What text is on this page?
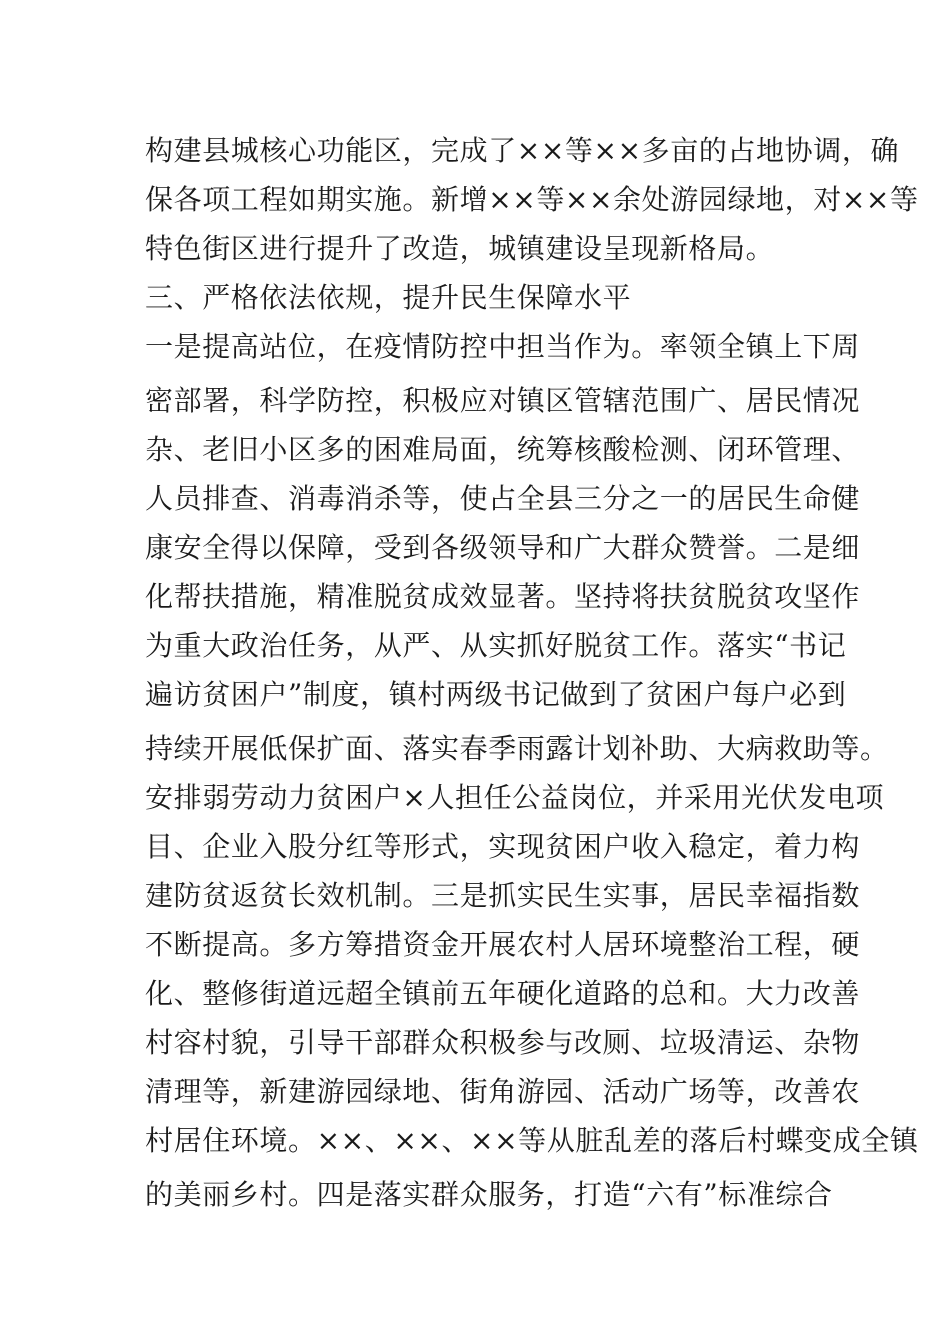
构建县城核心功能区，完成了××等××多亩的占地协调，确
保各项工程如期实施。新增××等××余处游园绿地，对××等
特色街区进行提升了改造，城镇建设呈现新格局。
三、严格依法依规，提升民生保障水平
一是提高站位，在疫情防控中担当作为。率领全镇上下周
密部署，科学防控，积极应对镇区管辖范围广、居民情况
杂、老旧小区多的困难局面，统筹核酸检测、闭环管理、
人员排查、消毒消杀等，使占全县三分之一的居民生命健
康安全得以保障，受到各级领导和广大群众赞誉。二是细
化帮扶措施，精准脱贫成效显著。坚持将扶贫脱贫攻坚作
为重大政治任务，从严、从实抓好脱贫工作。落实“书记
遍访贫困户”制度，镇村两级书记做到了贫困户每户必到
持续开展低保扩面、落实春季雨露计划补助、大病救助等。
安排弱劳动力贫困户×人担任公益岗位，并采用光伏发电项
目、企业入股分红等形式，实现贫困户收入稳定，着力构
建防贫返贫长效机制。三是抓实民生实事，居民幸福指数
不断提高。多方筹措资金开展农村人居环境整治工程，硬
化、整修街道远超全镇前五年硬化道路的总和。大力改善
村容村貌，引导干部群众积极参与改厕、垃圾清运、杂物
清理等，新建游园绿地、街角游园、活动广场等，改善农
村居住环境。××、××、××等从脏乱差的落后村蝶变成全镇
的美丽乡村。四是落实群众服务，打造“六有”标准综合
